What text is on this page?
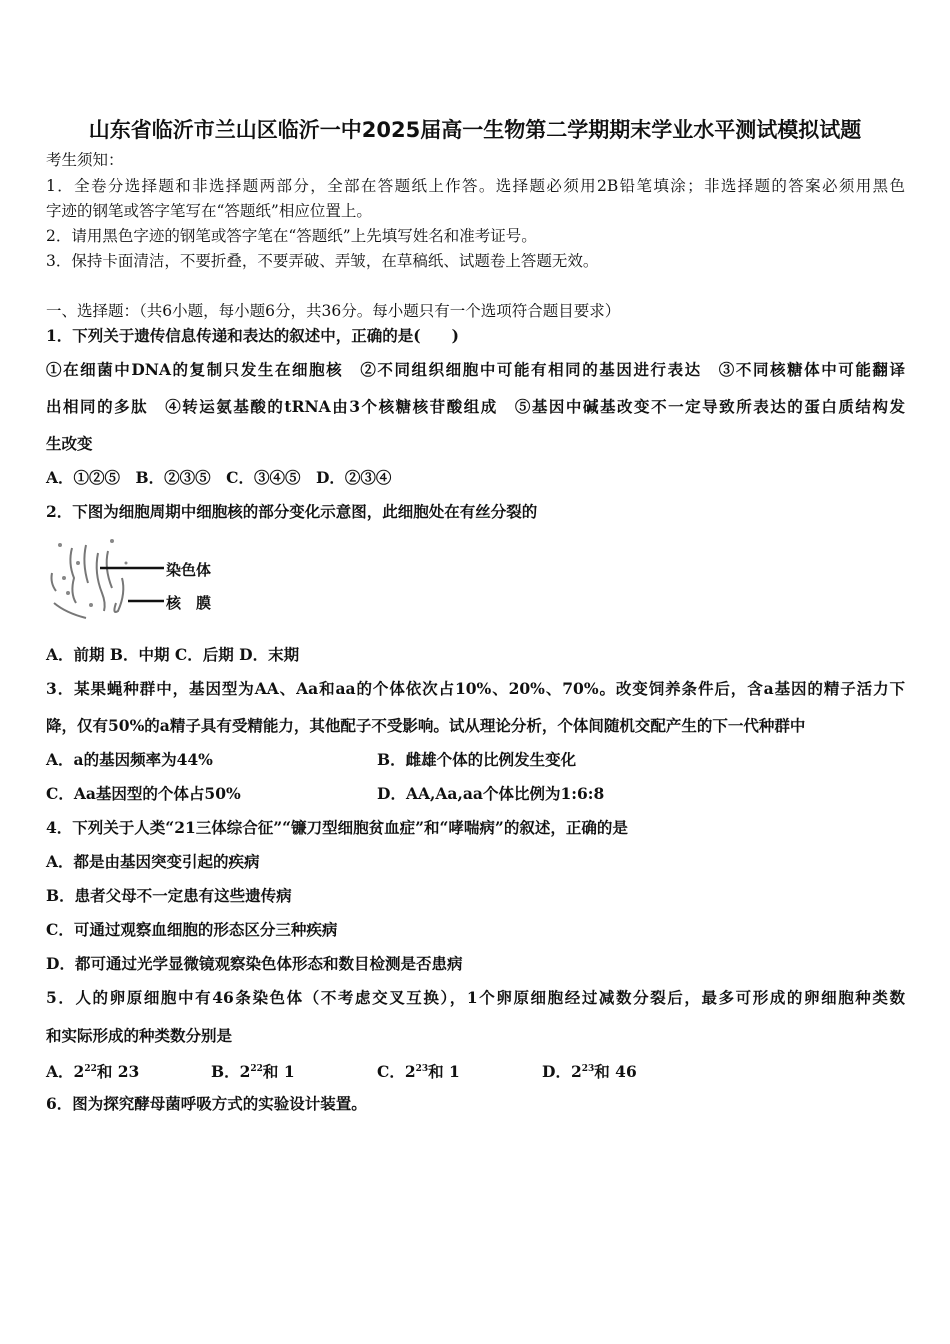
山东省临沂市兰山区临沂一中2025届高一生物第二学期期末学业水平测试模拟试题
考生须知：
1．全卷分选择题和非选择题两部分，全部在答题纸上作答。选择题必须用2B铅笔填涂；非选择题的答案必须用黑色
字迹的钢笔或答字笔写在“答题纸”相应位置上。
2．请用黑色字迹的钢笔或答字笔在“答题纸”上先填写姓名和准考证号。
3．保持卡面清洁，不要折叠，不要弄破、弄皱，在草稿纸、试题卷上答题无效。
一、选择题：（共6小题，每小题6分，共36分。每小题只有一个选项符合题目要求）
1．下列关于遗传信息传递和表达的叙述中，正确的是(　　)
①在细菌中DNA的复制只发生在细胞核　②不同组织细胞中可能有相同的基因进行表达　③不同核糖体中可能翻译
出相同的多肽　④转运氨基酸的tRNA由3个核糖核苷酸组成　⑤基因中碱基改变不一定导致所表达的蛋白质结构发
生改变
A．①②⑤　B．②③⑤　C．③④⑤　D．②③④
2．下图为细胞周期中细胞核的部分变化示意图，此细胞处在有丝分裂的
染色体
核　膜
A．前期 B．中期 C．后期 D．末期
3．某果蝇种群中，基因型为AA、Aa和aa的个体依次占10%、20%、70%。改变饲养条件后，含a基因的精子活力下
降，仅有50%的a精子具有受精能力，其他配子不受影响。试从理论分析，个体间随机交配产生的下一代种群中
A．a的基因频率为44%	B．雌雄个体的比例发生变化
C．Aa基因型的个体占50%	D．AA,Aa,aa个体比例为1:6:8
4．下列关于人类“21三体综合征”“镰刀型细胞贫血症”和“哮喘病”的叙述，正确的是
A．都是由基因突变引起的疾病
B．患者父母不一定患有这些遗传病
C．可通过观察血细胞的形态区分三种疾病
D．都可通过光学显微镜观察染色体形态和数目检测是否患病
5．人的卵原细胞中有46条染色体（不考虑交叉互换），1个卵原细胞经过减数分裂后，最多可形成的卵细胞种类数
和实际形成的种类数分别是
A．$2^{22}$和 23	B．$2^{22}$和 1	C．$2^{23}$和 1	D．$2^{23}$和 46
6．图为探究酵母菌呼吸方式的实验设计装置。
